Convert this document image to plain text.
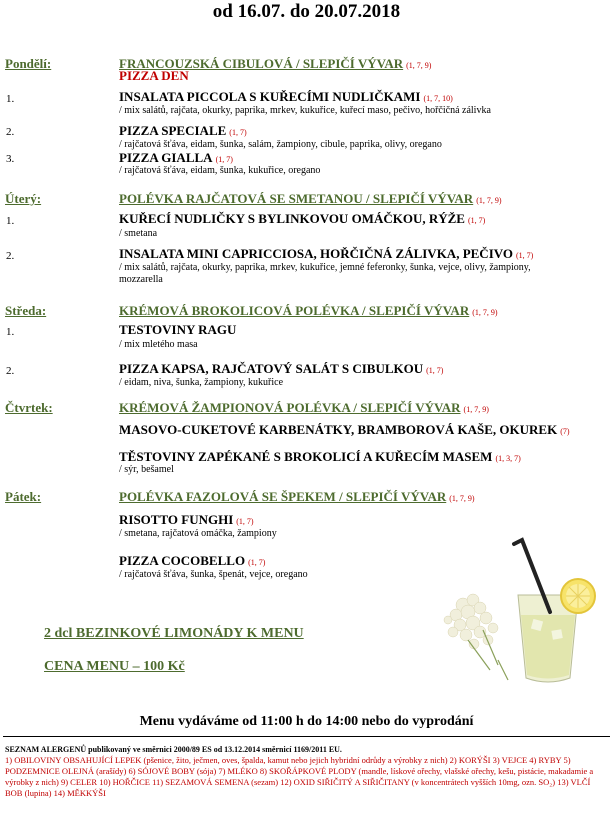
od 16.07. do 20.07.2018
Pondělí:	FRANCOUZSKÁ CIBULOVÁ / SLEPIČÍ VÝVAR (1, 7, 9)
PIZZA DEN
1.	INSALATA PICCOLA S KUŘECÍMI NUDLIČKAMI (1, 7, 10)
/ mix salátů, rajčata, okurky, paprika, mrkev, kukuřice, kuřecí maso, pečivo, hořčičná zálivka
2.	PIZZA SPECIALE (1, 7)
/ rajčatová šťáva, eidam, šunka, salám, žampiony, cibule, paprika, olivy, oregano
3.	PIZZA GIALLA (1, 7)
/ rajčatová šťáva, eidam, šunka, kukuřice, oregano
Úterý:	POLÉVKA RAJČATOVÁ SE SMETANOU / SLEPIČÍ VÝVAR (1, 7, 9)
1.	KUŘECÍ NUDLIČKY S BYLINKOVOU OMÁČKOU, RÝŽE (1, 7)
/ smetana
2.	INSALATA MINI CAPRICCIOSA, HOŘČIČNÁ ZÁLIVKA, PEČIVO (1, 7)
/ mix salátů, rajčata, okurky, paprika, mrkev, kukuřice, jemné feferonky, šunka, vejce, olivy, žampiony, mozzarella
Středa:	KRÉMOVÁ BROKOLICOVÁ POLÉVKA / SLEPIČÍ VÝVAR (1, 7, 9)
1.	TESTOVINY RAGU
/ mix mletého masa
2.	PIZZA KAPSA, RAJČATOVÝ SALÁT S CIBULKOU (1, 7)
/ eidam, niva, šunka, žampiony, kukuřice
Čtvrtek:	KRÉMOVÁ ŽAMPIONOVÁ POLÉVKA / SLEPIČÍ VÝVAR (1, 7, 9)
MASOVO-CUKETOVÉ KARBENÁTKY, BRAMBOROVÁ KAŠE, OKUREK (7)
TĚSTOVINY ZAPÉKANÉ S BROKOLICÍ A KUŘECÍM MASEM (1, 3, 7)
/ sýr, bešamel
Pátek:	POLÉVKA FAZOLOVÁ SE ŠPEKEM / SLEPIČÍ VÝVAR (1, 7, 9)
RISOTTO FUNGHI (1, 7)
/ smetana, rajčatová omáčka, žampiony
PIZZA COCOBELLO (1, 7)
/ rajčatová šťáva, šunka, špenát, vejce, oregano
2 dcl BEZINKOVÉ LIMONÁDY K MENU
CENA MENU – 100 Kč
Menu vydáváme od 11:00 h do 14:00 nebo do vyprodání
SEZNAM ALERGENŮ publikovaný ve směrnici 2000/89 ES od 13.12.2014 směrnicí 1169/2011 EU.
1) OBILOVINY OBSAHUJÍCÍ LEPEK (pšenice, žito, ječmen, oves, špalda, kamut nebo jejich hybridní odrůdy a výrobky z nich) 2) KORÝŠI 3) VEJCE 4) RYBY 5) PODZEMNICE OLEJNÁ (arašídy) 6) SÓJOVÉ BOBY (sója) 7) MLÉKO 8) SKOŘÁPKOVÉ PLODY (mandle, lískové ořechy, vlašské ořechy, kešu, pistácie, makadamie a výrobky z nich) 9) CELER 10) HOŘČICE 11) SEZAMOVÁ SEMENA (sezam) 12) OXID SIŘIČITÝ A SIŘIČITANY (v koncentrátech vyšších 10mg, ozn. SO₂) 13) VLČÍ BOB (lupina) 14) MĚKKÝŠI
